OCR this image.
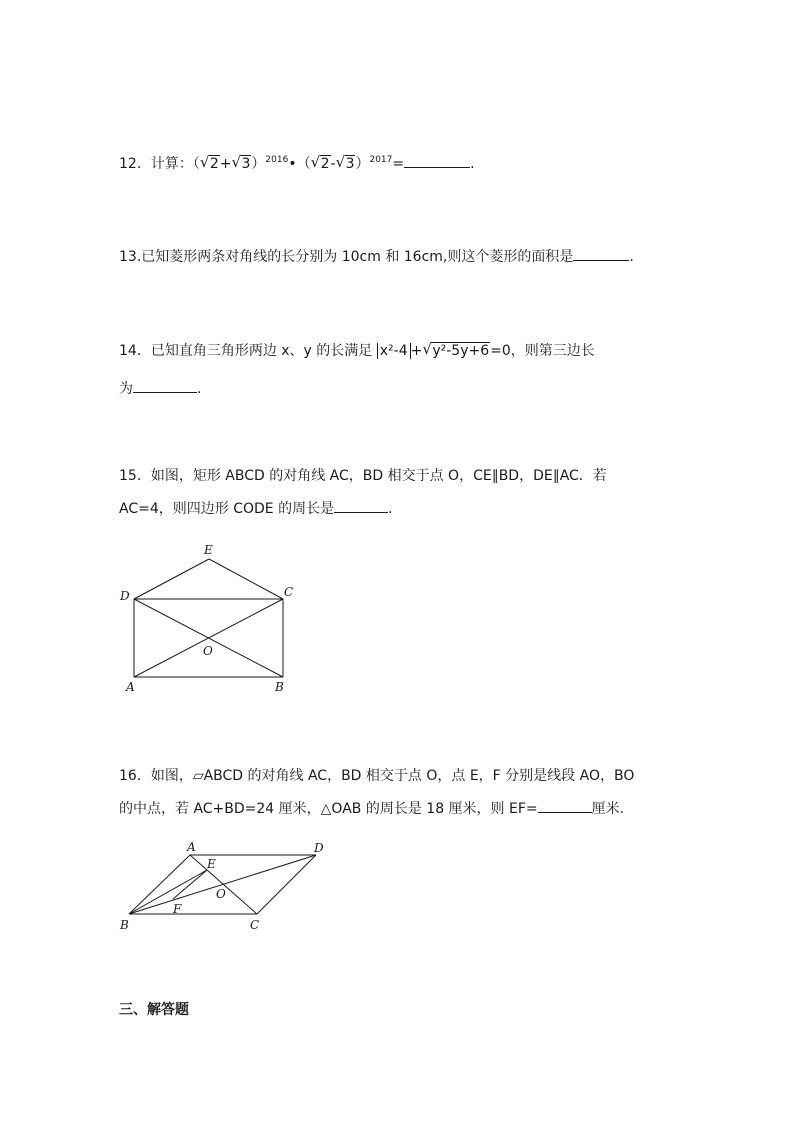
12．计算：（ √ 2+ √ 3）$^{2016}$•（ √ 2- √ 3）$^{2017}$=	.
13.已知菱形两条对角线的长分别为 10cm 和 16cm,则这个菱形的面积是	.
14．已知直角三角形两边 x、y 的长满足 x²-4 + √ y²-5y+6=0，则第三边长
为	.
15．如图，矩形 ABCD 的对角线 AC，BD 相交于点 O，CE∥BD，DE∥AC．若
AC=4，则四边形 CODE 的周长是	.
E
D	C
O
A	B
16．如图，▱ABCD 的对角线 AC，BD 相交于点 O，点 E，F 分别是线段 AO，BO
的中点，若 AC+BD=24 厘米，△OAB 的周长是 18 厘米，则 EF=	厘米.
A	D
E
O
F
B	C
三、解答题
